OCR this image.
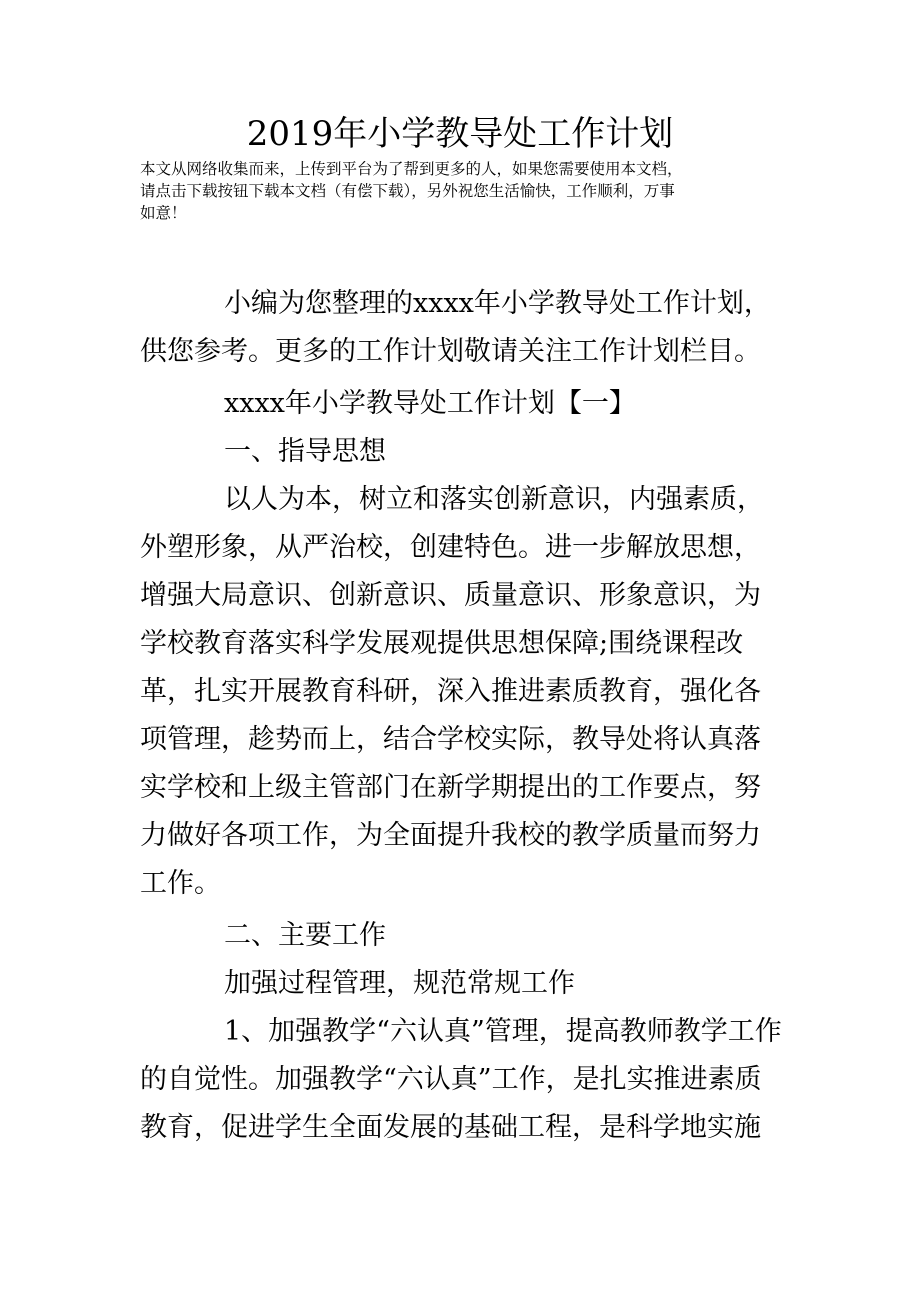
2019年小学教导处工作计划
本文从网络收集而来，上传到平台为了帮到更多的人，如果您需要使用本文档，
请点击下载按钮下载本文档（有偿下载），另外祝您生活愉快，工作顺利，万事
如意！
小编为您整理的xxxx年小学教导处工作计划，
供您参考。更多的工作计划敬请关注工作计划栏目。
xxxx年小学教导处工作计划【一】
一、指导思想
以人为本，树立和落实创新意识，内强素质，
外塑形象，从严治校，创建特色。进一步解放思想，
增强大局意识、创新意识、质量意识、形象意识，为
学校教育落实科学发展观提供思想保障;围绕课程改
革，扎实开展教育科研，深入推进素质教育，强化各
项管理，趁势而上，结合学校实际，教导处将认真落
实学校和上级主管部门在新学期提出的工作要点，努
力做好各项工作，为全面提升我校的教学质量而努力
工作。
二、主要工作
加强过程管理，规范常规工作
1、加强教学“六认真”管理，提高教师教学工作
的自觉性。加强教学“六认真”工作，是扎实推进素质
教育，促进学生全面发展的基础工程，是科学地实施
